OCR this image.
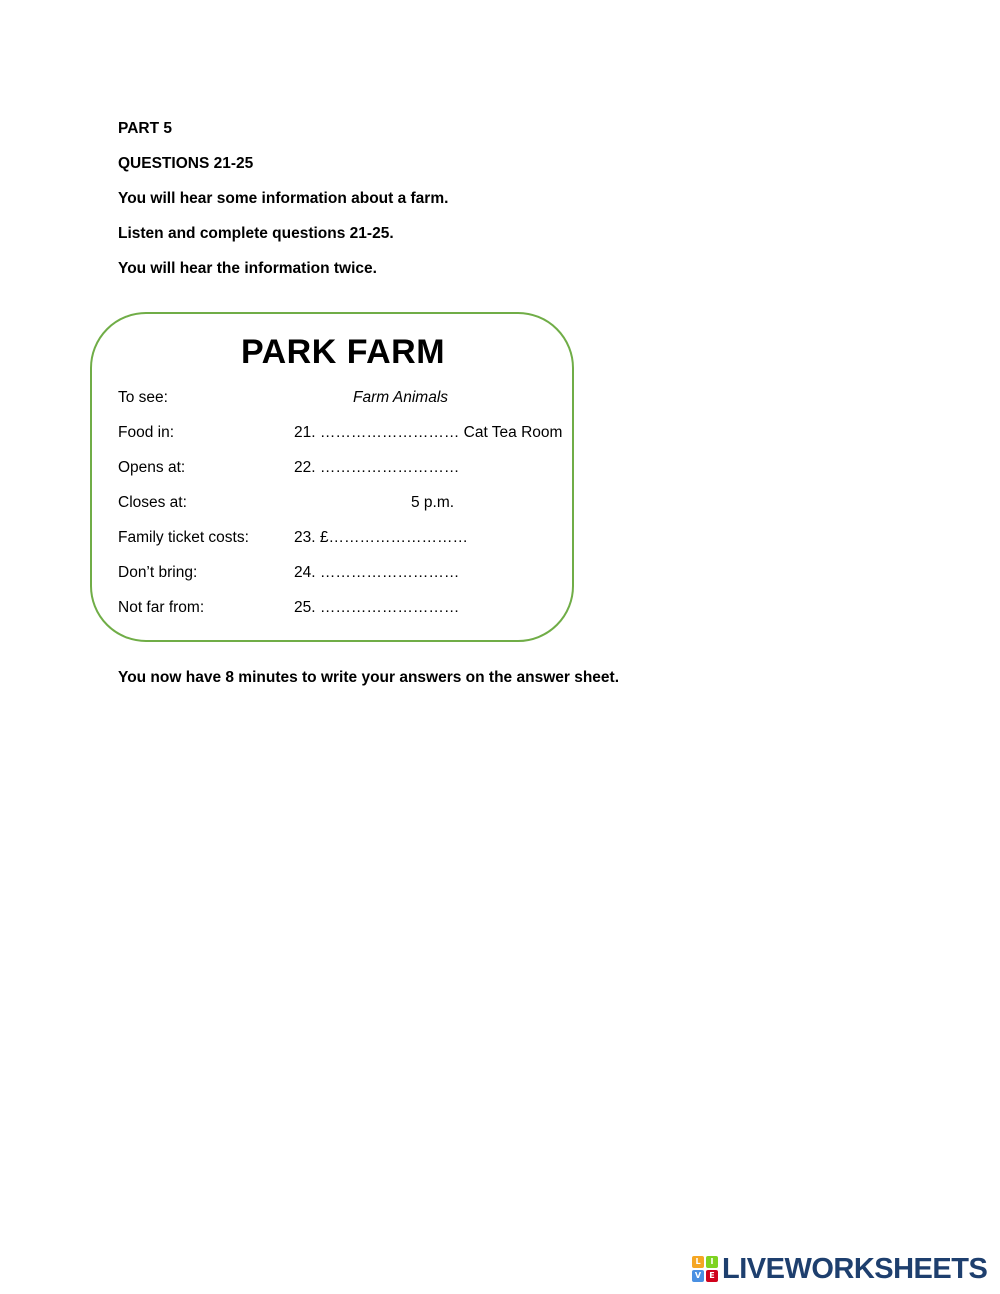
PART 5
QUESTIONS 21-25
You will hear some information about a farm.
Listen and complete questions 21-25.
You will hear the information twice.
PARK FARM
To see:	Farm Animals
Food in:	21. ……………………… Cat Tea Room
Opens at:	22. ………………………
Closes at:	5 p.m.
Family ticket costs:	23. £………………………
Don’t bring:	24. ………………………
Not far from:	25. ………………………
You now have 8 minutes to write your answers on the answer sheet.
L	I
V	E LIVEWORKSHEETS
